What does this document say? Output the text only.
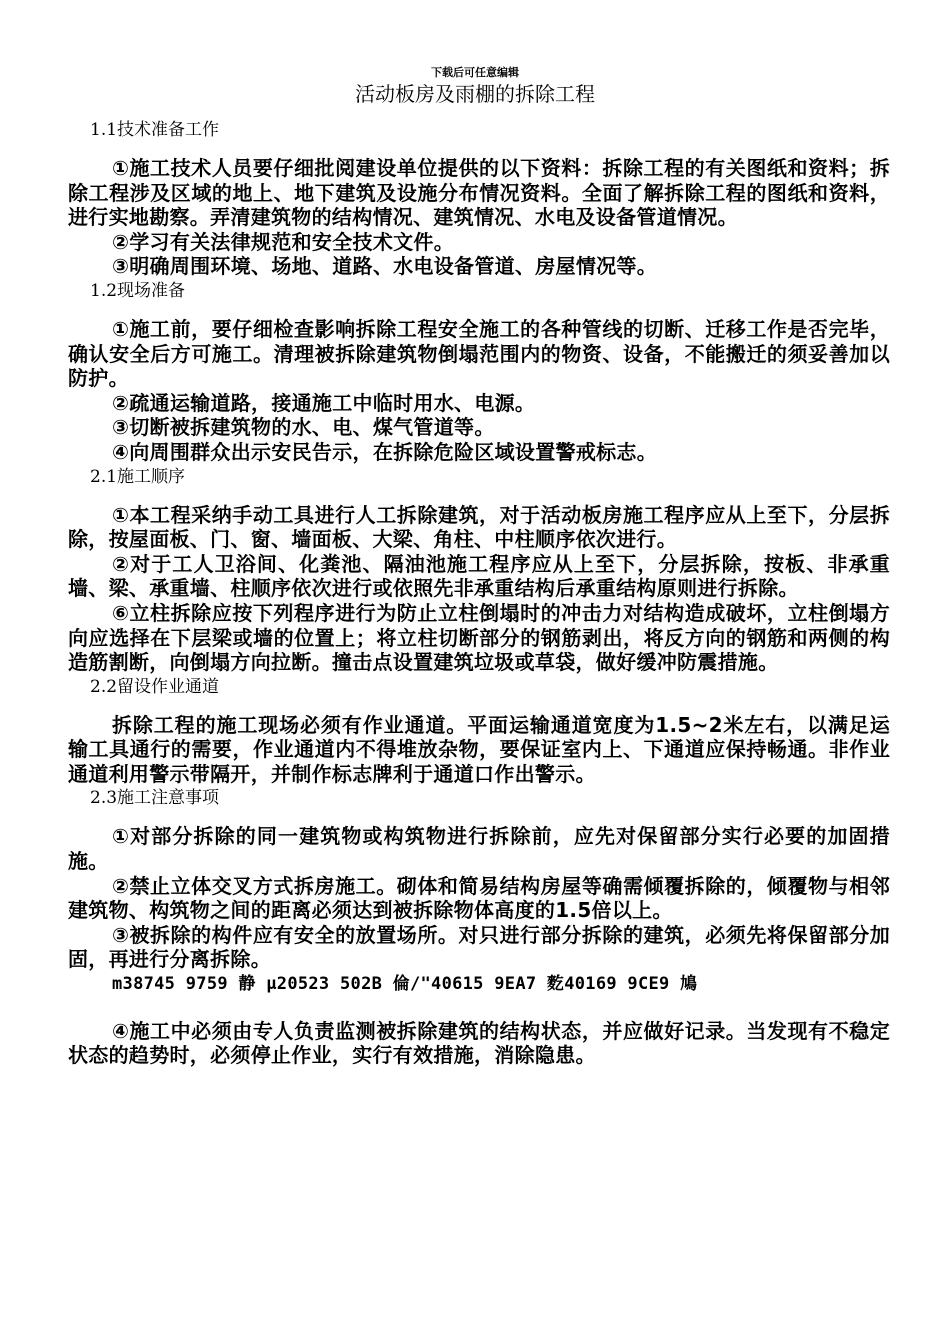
下载后可任意编辑
活动板房及雨棚的拆除工程
1.1技术准备工作

①施工技术人员要仔细批阅建设单位提供的以下资料：拆除工程的有关图纸和资料；拆除工程涉及区域的地上、地下建筑及设施分布情况资料。全面了解拆除工程的图纸和资料，进行实地勘察。弄清建筑物的结构情况、建筑情况、水电及设备管道情况。

②学习有关法律规范和安全技术文件。

③明确周围环境、场地、道路、水电设备管道、房屋情况等。

1.2现场准备

①施工前，要仔细检查影响拆除工程安全施工的各种管线的切断、迁移工作是否完毕，确认安全后方可施工。清理被拆除建筑物倒塌范围内的物资、设备，不能搬迁的须妥善加以防护。

②疏通运输道路，接通施工中临时用水、电源。

③切断被拆建筑物的水、电、煤气管道等。

④向周围群众出示安民告示，在拆除危险区域设置警戒标志。

2.1施工顺序

①本工程采纳手动工具进行人工拆除建筑，对于活动板房施工程序应从上至下，分层拆除，按屋面板、门、窗、墙面板、大梁、角柱、中柱顺序依次进行。

②对于工人卫浴间、化粪池、隔油池施工程序应从上至下，分层拆除，按板、非承重墙、梁、承重墙、柱顺序依次进行或依照先非承重结构后承重结构原则进行拆除。

⑥立柱拆除应按下列程序进行为防止立柱倒塌时的冲击力对结构造成破坏，立柱倒塌方向应选择在下层梁或墙的位置上；将立柱切断部分的钢筋剥出，将反方向的钢筋和两侧的构造筋割断，向倒塌方向拉断。撞击点设置建筑垃圾或草袋，做好缓冲防震措施。

2.2留设作业通道

拆除工程的施工现场必须有作业通道。平面运输通道宽度为1.5~2米左右，以满足运输工具通行的需要，作业通道内不得堆放杂物，要保证室内上、下通道应保持畅通。非作业通道利用警示带隔开，并制作标志牌利于通道口作出警示。

2.3施工注意事项

①对部分拆除的同一建筑物或构筑物进行拆除前，应先对保留部分实行必要的加固措施。

②禁止立体交叉方式拆房施工。砌体和简易结构房屋等确需倾覆拆除的，倾覆物与相邻建筑物、构筑物之间的距离必须达到被拆除物体高度的1.5倍以上。

③被拆除的构件应有安全的放置场所。对只进行部分拆除的建筑，必须先将保留部分加固，再进行分离拆除。

m38745 9759 静 µ20523 502B 倫/"40615 9EA7 麧40169 9CE9 鳩

④施工中必须由专人负责监测被拆除建筑的结构状态，并应做好记录。当发现有不稳定状态的趋势时，必须停止作业，实行有效措施，消除隐患。
